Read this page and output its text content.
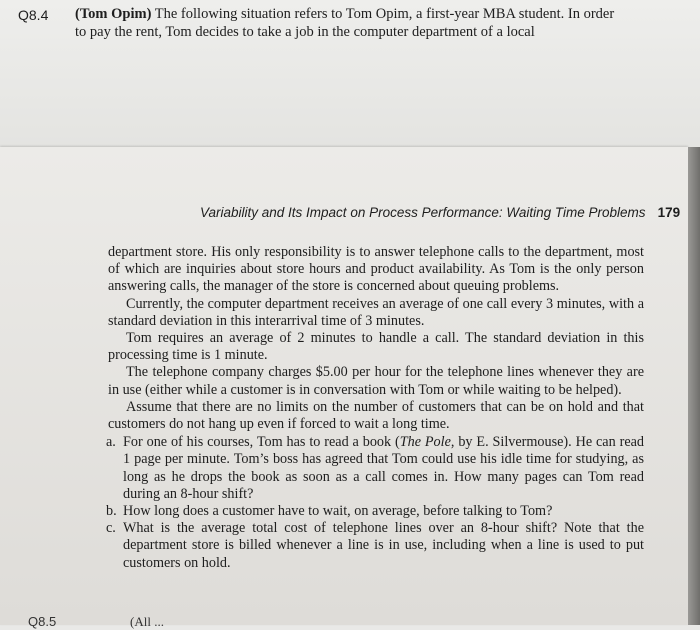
Q8.4 (Tom Opim) The following situation refers to Tom Opim, a first-year MBA student. In order to pay the rent, Tom decides to take a job in the computer department of a local

Variability and Its Impact on Process Performance: Waiting Time Problems 179

department store. His only responsibility is to answer telephone calls to the department, most of which are inquiries about store hours and product availability. As Tom is the only person answering calls, the manager of the store is concerned about queuing problems.

Currently, the computer department receives an average of one call every 3 minutes, with a standard deviation in this interarrival time of 3 minutes.

Tom requires an average of 2 minutes to handle a call. The standard deviation in this processing time is 1 minute.

The telephone company charges $5.00 per hour for the telephone lines whenever they are in use (either while a customer is in conversation with Tom or while waiting to be helped).

Assume that there are no limits on the number of customers that can be on hold and that customers do not hang up even if forced to wait a long time.

a. For one of his courses, Tom has to read a book (The Pole, by E. Silvermouse). He can read 1 page per minute. Tom’s boss has agreed that Tom could use his idle time for studying, as long as he drops the book as soon as a call comes in. How many pages can Tom read during an 8-hour shift?

b. How long does a customer have to wait, on average, before talking to Tom?

c. What is the average total cost of telephone lines over an 8-hour shift? Note that the department store is billed whenever a line is in use, including when a line is used to put customers on hold.

Q8.5	(All ...
